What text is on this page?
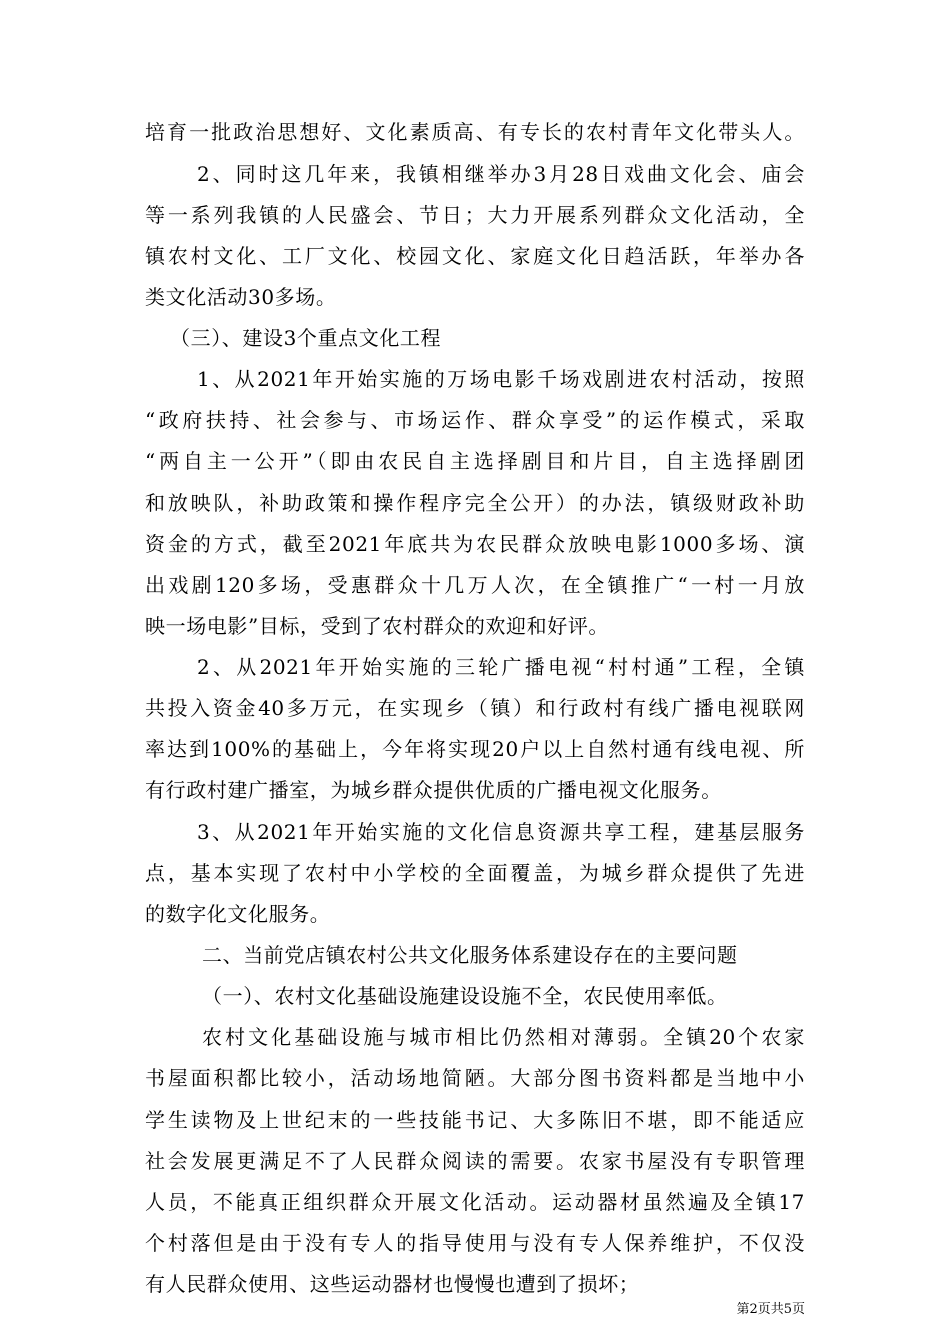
培育一批政治思想好、文化素质高、有专长的农村青年文化带头人。
2、同时这几年来，我镇相继举办3月28日戏曲文化会、庙会
等一系列我镇的人民盛会、节日；大力开展系列群众文化活动，全
镇农村文化、工厂文化、校园文化、家庭文化日趋活跃，年举办各
类文化活动30多场。
（三）、建设3个重点文化工程
1、从2021年开始实施的万场电影千场戏剧进农村活动，按照
“政府扶持、社会参与、市场运作、群众享受”的运作模式，采取
“两自主一公开”（即由农民自主选择剧目和片目，自主选择剧团
和放映队，补助政策和操作程序完全公开）的办法，镇级财政补助
资金的方式，截至2021年底共为农民群众放映电影1000多场、演
出戏剧120多场，受惠群众十几万人次，在全镇推广“一村一月放
映一场电影”目标，受到了农村群众的欢迎和好评。
2、从2021年开始实施的三轮广播电视“村村通”工程，全镇
共投入资金40多万元，在实现乡（镇）和行政村有线广播电视联网
率达到100%的基础上，今年将实现20户以上自然村通有线电视、所
有行政村建广播室，为城乡群众提供优质的广播电视文化服务。
3、从2021年开始实施的文化信息资源共享工程，建基层服务
点，基本实现了农村中小学校的全面覆盖，为城乡群众提供了先进
的数字化文化服务。
二、当前党店镇农村公共文化服务体系建设存在的主要问题
（一）、农村文化基础设施建设设施不全，农民使用率低。
农村文化基础设施与城市相比仍然相对薄弱。全镇20个农家
书屋面积都比较小，活动场地简陋。大部分图书资料都是当地中小
学生读物及上世纪末的一些技能书记、大多陈旧不堪，即不能适应
社会发展更满足不了人民群众阅读的需要。农家书屋没有专职管理
人员，不能真正组织群众开展文化活动。运动器材虽然遍及全镇17
个村落但是由于没有专人的指导使用与没有专人保养维护，不仅没
有人民群众使用、这些运动器材也慢慢也遭到了损坏；
第2页共5页
